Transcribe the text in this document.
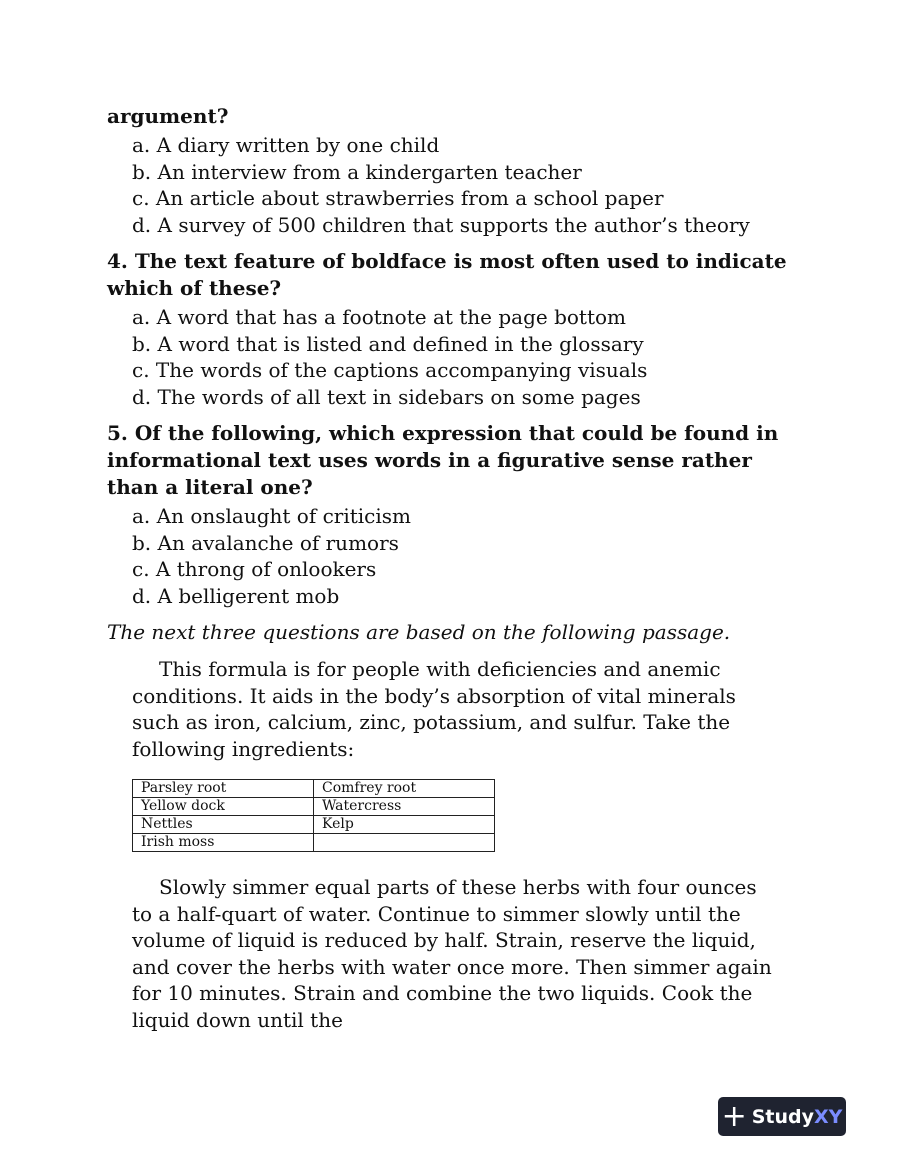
argument?

a. A diary written by one child
b. An interview from a kindergarten teacher
c. An article about strawberries from a school paper
d. A survey of 500 children that supports the author’s theory

4. The text feature of boldface is most often used to indicate which of these?

a. A word that has a footnote at the page bottom
b. A word that is listed and defined in the glossary
c. The words of the captions accompanying visuals
d. The words of all text in sidebars on some pages

5. Of the following, which expression that could be found in informational text uses words in a figurative sense rather than a literal one?

a. An onslaught of criticism
b. An avalanche of rumors
c. A throng of onlookers
d. A belligerent mob

The next three questions are based on the following passage.

This formula is for people with deficiencies and anemic conditions. It aids in the body’s absorption of vital minerals such as iron, calcium, zinc, potassium, and sulfur. Take the following ingredients:

Parsley root	Comfrey root
Yellow dock	Watercress
Nettles	Kelp
Irish moss	

Slowly simmer equal parts of these herbs with four ounces to a half-quart of water. Continue to simmer slowly until the volume of liquid is reduced by half. Strain, reserve the liquid, and cover the herbs with water once more. Then simmer again for 10 minutes. Strain and combine the two liquids. Cook the liquid down until the

+ Study XY
